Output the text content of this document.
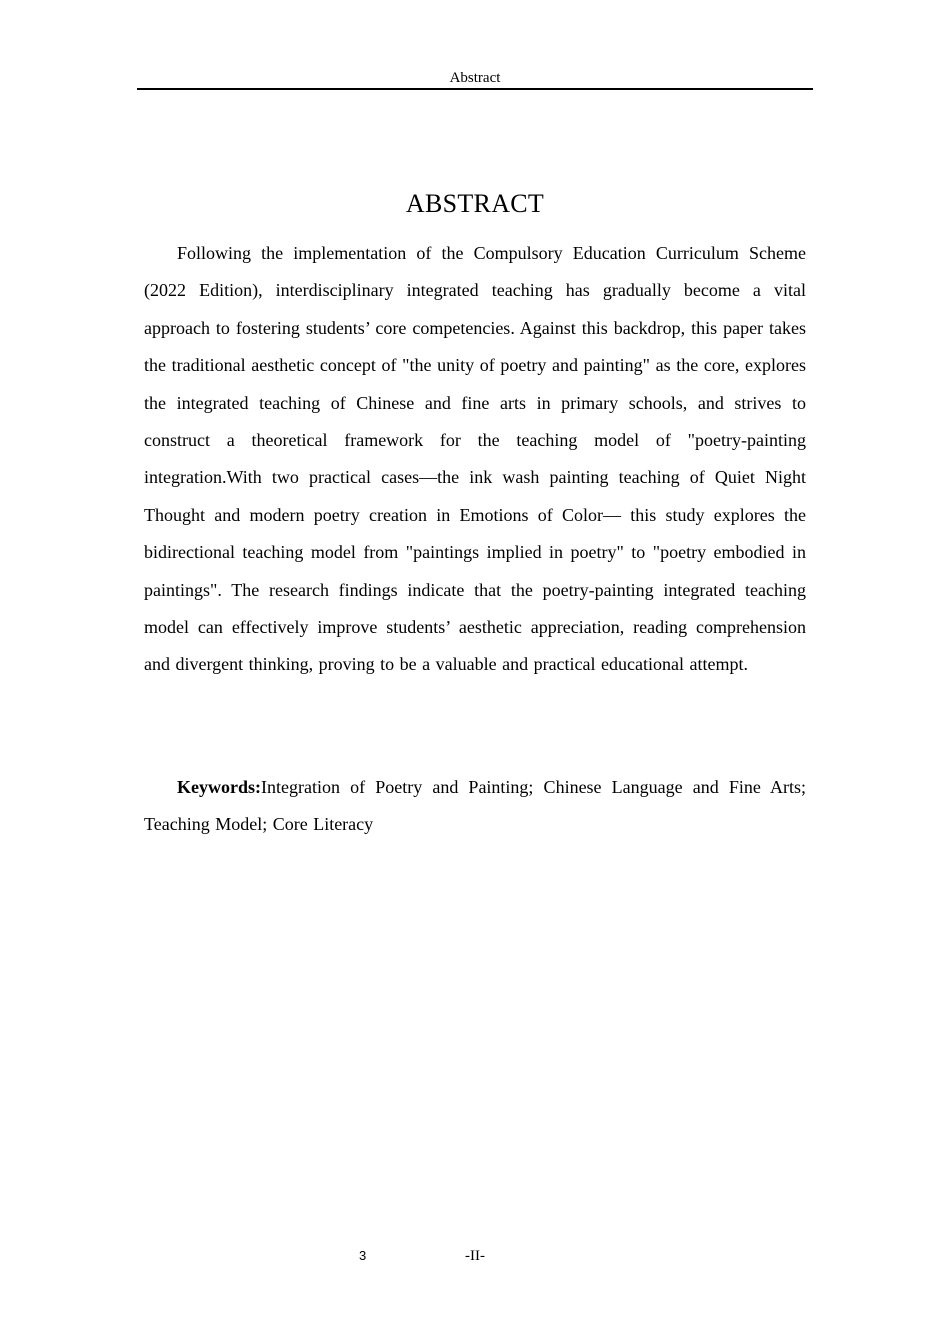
Abstract
ABSTRACT

Following the implementation of the Compulsory Education Curriculum Scheme (2022 Edition), interdisciplinary integrated teaching has gradually become a vital approach to fostering students’ core competencies. Against this backdrop, this paper takes the traditional aesthetic concept of "the unity of poetry and painting" as the core, explores the integrated teaching of Chinese and fine arts in primary schools, and strives to construct a theoretical framework for the teaching model of "poetry-painting integration.With two practical cases—the ink wash painting teaching of Quiet Night Thought and modern poetry creation in Emotions of Color— this study explores the bidirectional teaching model from "paintings implied in poetry" to "poetry embodied in paintings". The research findings indicate that the poetry-painting integrated teaching model can effectively improve students’ aesthetic appreciation, reading comprehension and divergent thinking, proving to be a valuable and practical educational attempt.

Keywords:Integration of Poetry and Painting; Chinese Language and Fine Arts; Teaching Model; Core Literacy

3	-II-
